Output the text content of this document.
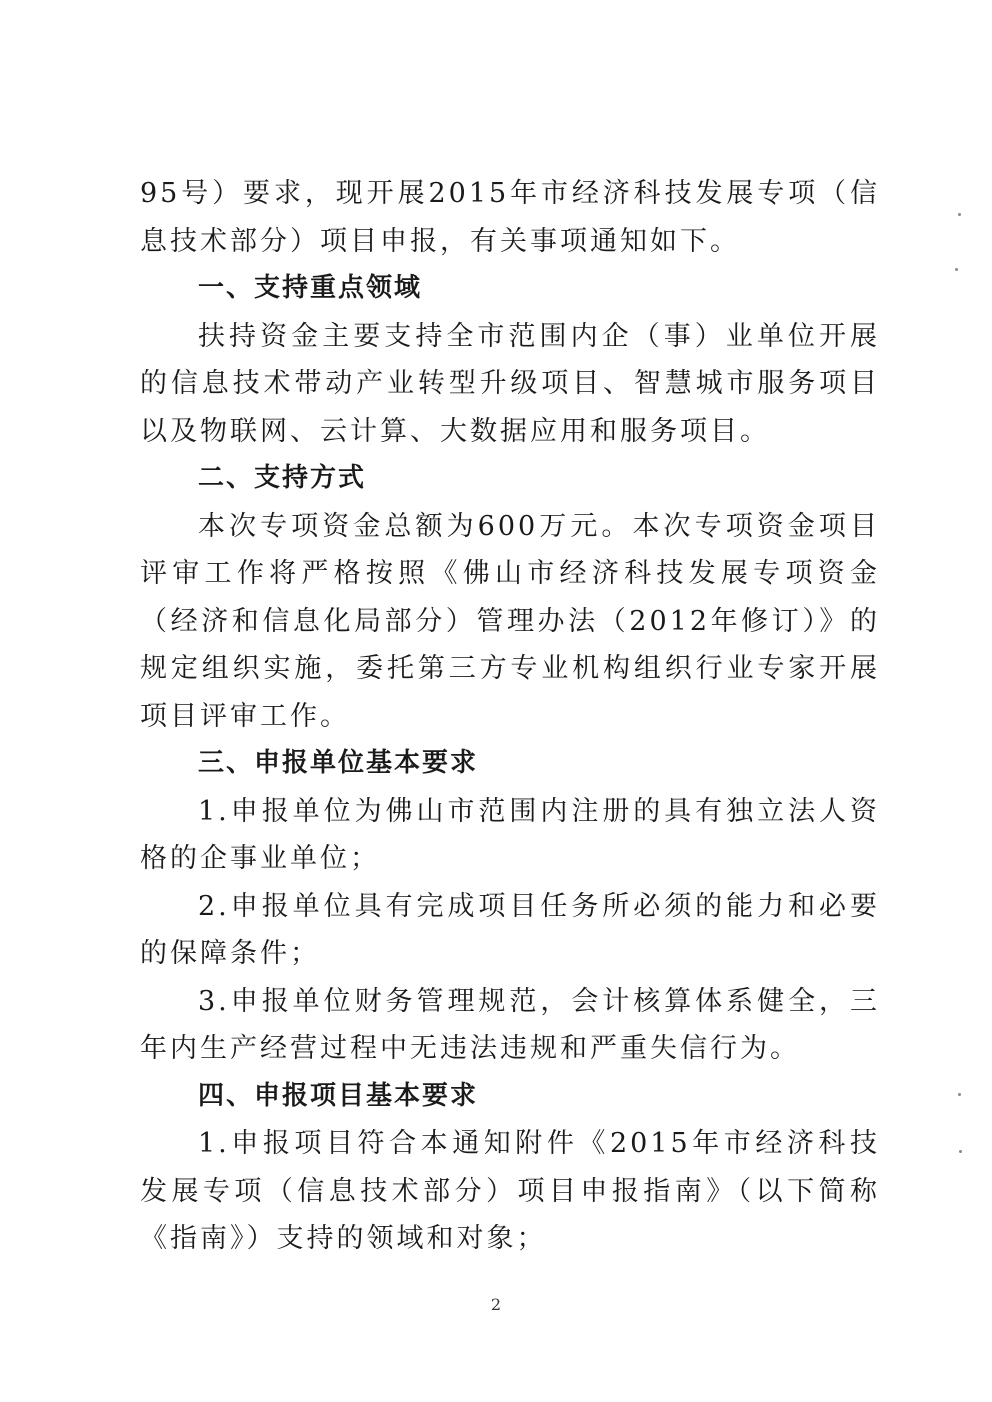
95号）要求，现开展2015年市经济科技发展专项（信息技术部分）项目申报，有关事项通知如下。

一、支持重点领域

扶持资金主要支持全市范围内企（事）业单位开展的信息技术带动产业转型升级项目、智慧城市服务项目以及物联网、云计算、大数据应用和服务项目。

二、支持方式

本次专项资金总额为600万元。本次专项资金项目评审工作将严格按照《佛山市经济科技发展专项资金（经济和信息化局部分）管理办法（2012年修订）》的规定组织实施，委托第三方专业机构组织行业专家开展项目评审工作。

三、申报单位基本要求

1.申报单位为佛山市范围内注册的具有独立法人资格的企事业单位；

2.申报单位具有完成项目任务所必须的能力和必要的保障条件；

3.申报单位财务管理规范，会计核算体系健全，三年内生产经营过程中无违法违规和严重失信行为。

四、申报项目基本要求

1.申报项目符合本通知附件《2015年市经济科技发展专项（信息技术部分）项目申报指南》（以下简称《指南》）支持的领域和对象；

2
